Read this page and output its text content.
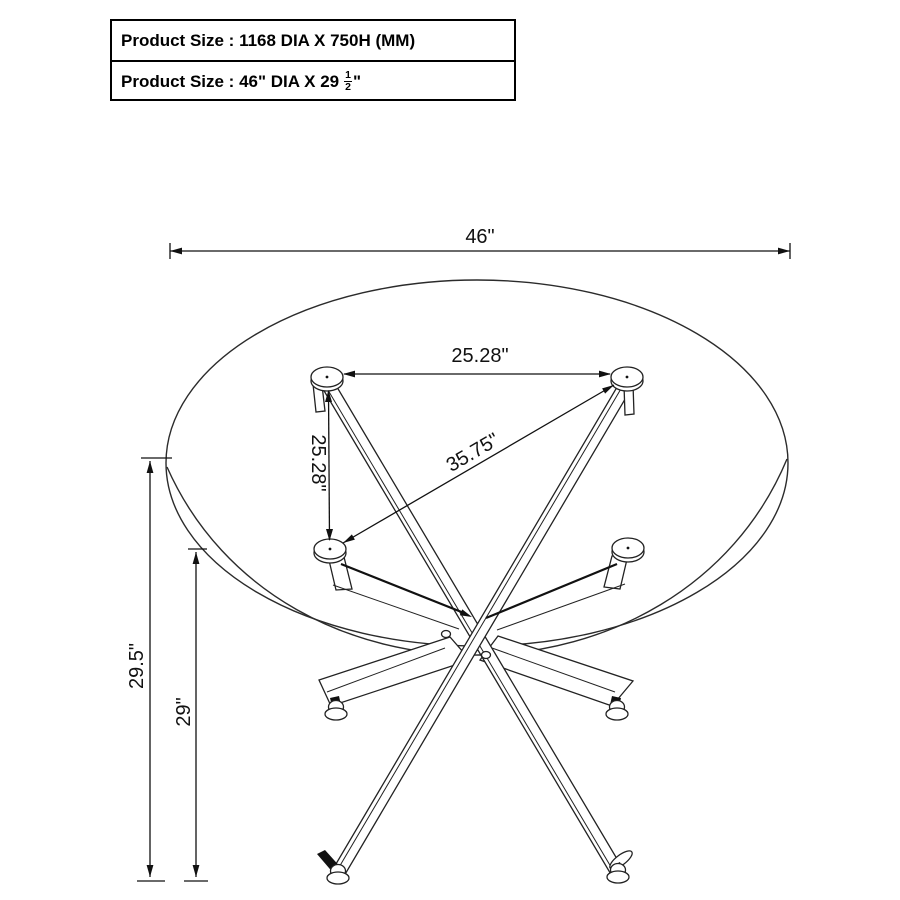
Product Size : 1168 DIA X 750H (MM)
Product Size : 46" DIA X $29 \frac{1}{2}$ "
46"
25.28"
25.28"	35.75"
29.5"
29"
